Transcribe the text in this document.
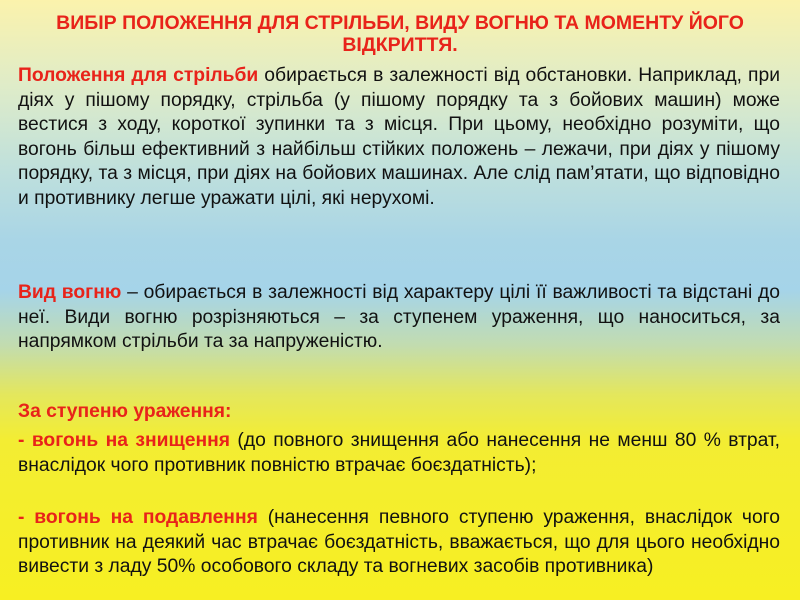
ВИБІР ПОЛОЖЕННЯ ДЛЯ СТРІЛЬБИ, ВИДУ ВОГНЮ ТА МОМЕНТУ ЙОГО ВІДКРИТТЯ.

Положення для стрільби обирається в залежності від обстановки. Наприклад, при діях у пішому порядку, стрільба (у пішому порядку та з бойових машин) може вестися з ходу, короткої зупинки та з місця. При цьому, необхідно розуміти, що вогонь більш ефективний з найбільш стійких положень – лежачи, при діях у пішому порядку, та з місця, при діях на бойових машинах. Але слід пам’ятати, що відповідно и противнику легше уражати цілі, які нерухомі.

Вид вогню – обирається в залежності від характеру цілі її важливості та відстані до неї. Види вогню розрізняються – за ступенем ураження, що наноситься, за напрямком стрільби та за напруженістю.

За ступеню ураження:

- вогонь на знищення (до повного знищення або нанесення не менш 80 % втрат, внаслідок чого противник повністю втрачає боєздатність);

- вогонь на подавлення (нанесення певного ступеню ураження, внаслідок чого противник на деякий час втрачає боєздатність, вважається, що для цього необхідно вивести з ладу 50% особового складу та вогневих засобів противника)
